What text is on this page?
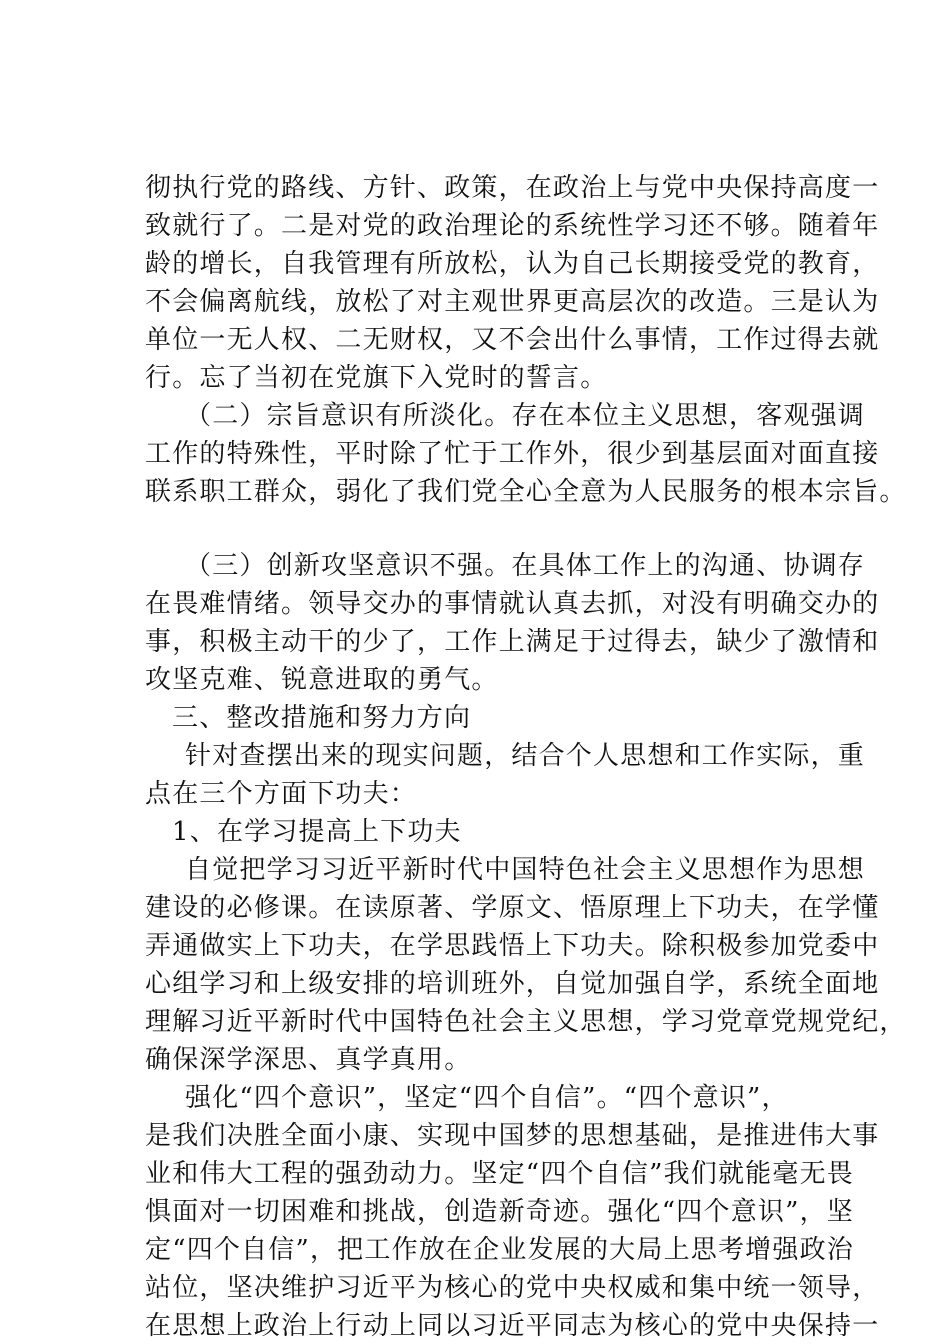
彻执行党的路线、方针、政策，在政治上与党中央保持高度一
致就行了。二是对党的政治理论的系统性学习还不够。随着年
龄的增长，自我管理有所放松，认为自己长期接受党的教育，
不会偏离航线，放松了对主观世界更高层次的改造。三是认为
单位一无人权、二无财权，又不会出什么事情，工作过得去就
行。忘了当初在党旗下入党时的誓言。
（二）宗旨意识有所淡化。存在本位主义思想，客观强调
工作的特殊性，平时除了忙于工作外，很少到基层面对面直接
联系职工群众，弱化了我们党全心全意为人民服务的根本宗旨。
（三）创新攻坚意识不强。在具体工作上的沟通、协调存
在畏难情绪。领导交办的事情就认真去抓，对没有明确交办的
事，积极主动干的少了，工作上满足于过得去，缺少了激情和
攻坚克难、锐意进取的勇气。
三、整改措施和努力方向
针对查摆出来的现实问题，结合个人思想和工作实际，重
点在三个方面下功夫：
1、在学习提高上下功夫
自觉把学习习近平新时代中国特色社会主义思想作为思想
建设的必修课。在读原著、学原文、悟原理上下功夫，在学懂
弄通做实上下功夫，在学思践悟上下功夫。除积极参加党委中
心组学习和上级安排的培训班外，自觉加强自学，系统全面地
理解习近平新时代中国特色社会主义思想，学习党章党规党纪，
确保深学深思、真学真用。
强化“四个意识”，坚定“四个自信”。“四个意识”，
是我们决胜全面小康、实现中国梦的思想基础，是推进伟大事
业和伟大工程的强劲动力。坚定“四个自信”我们就能毫无畏
惧面对一切困难和挑战，创造新奇迹。强化“四个意识”，坚
定“四个自信”，把工作放在企业发展的大局上思考增强政治
站位，坚决维护习近平为核心的党中央权威和集中统一领导，
在思想上政治上行动上同以习近平同志为核心的党中央保持一
